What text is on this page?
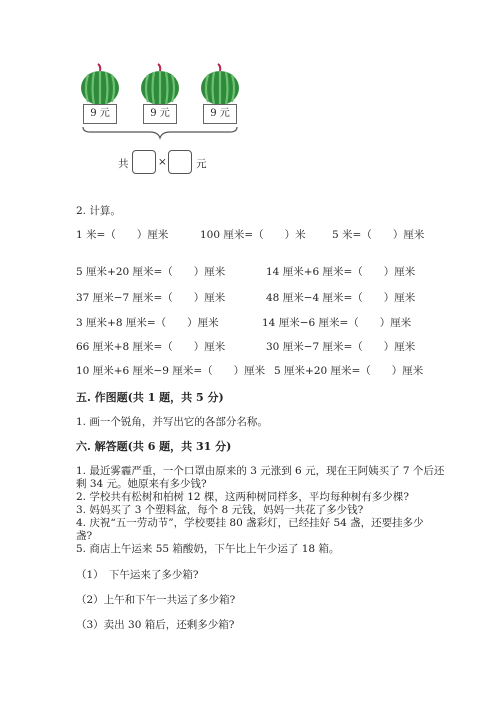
9 元	9 元	9 元
共	×	元
2. 计算。
1 米=（　　）厘米	100 厘米=（　　）米	5 米=（　　）厘米
5 厘米+20 厘米=（　　）厘米	14 厘米+6 厘米=（　　）厘米
37 厘米−7 厘米=（　　）厘米	48 厘米−4 厘米=（　　）厘米
3 厘米+8 厘米=（　　）厘米	14 厘米−6 厘米=（　　）厘米
66 厘米+8 厘米=（　　）厘米	30 厘米−7 厘米=（　　）厘米
10 厘米+6 厘米−9 厘米=（　　）厘米 5 厘米+20 厘米=（　　）厘米
五. 作图题(共 1 题，共 5 分)
1. 画一个锐角，并写出它的各部分名称。
六. 解答题(共 6 题，共 31 分)
1. 最近雾霾严重，一个口罩由原来的 3 元涨到 6 元，现在王阿姨买了 7 个后还
剩 34 元。她原来有多少钱?
2. 学校共有松树和柏树 12 棵，这两种树同样多，平均每种树有多少棵?
3. 妈妈买了 3 个塑料盆，每个 8 元钱，妈妈一共花了多少钱?
4. 庆祝“五一劳动节”，学校要挂 80 盏彩灯，已经挂好 54 盏，还要挂多少
盏?
5. 商店上午运来 55 箱酸奶，下午比上午少运了 18 箱。
（1）　下午运来了多少箱?
（2）上午和下午一共运了多少箱?
（3）卖出 30 箱后，还剩多少箱?
